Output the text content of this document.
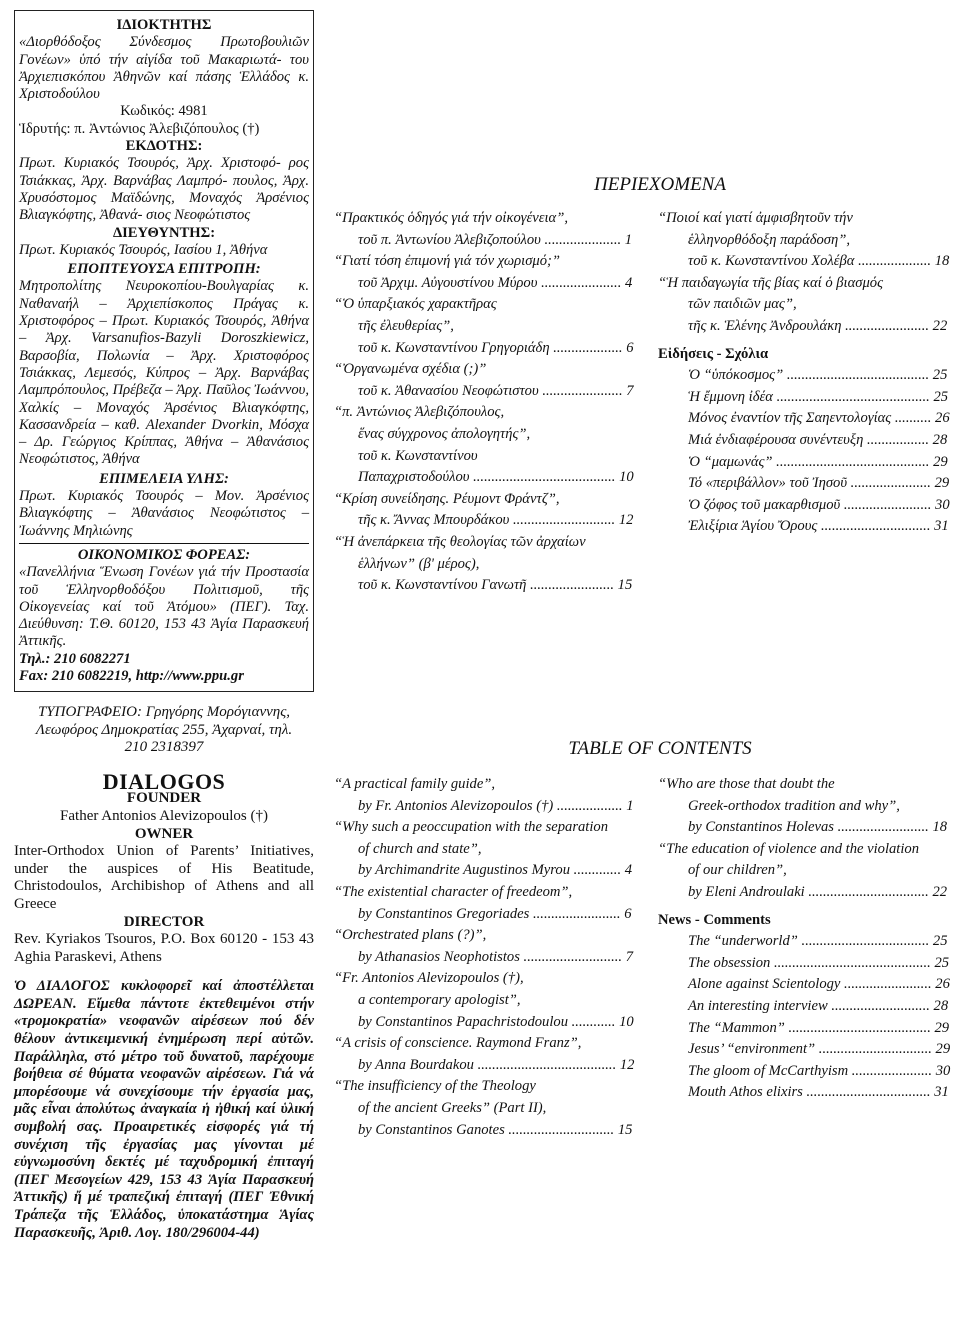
ΙΔΙΟΚΤΗΤΗΣ

«Διορθόδοξος Σύνδεσμος Πρωτοβουλιῶν Γονέων» ὑπό τήν αἰγίδα τοῦ Μακαριωτά- του Ἀρχιεπισκόπου Ἀθηνῶν καί πάσης Ἑλλάδος κ. Χριστοδούλου

Κωδικός: 4981

Ἱδρυτής: π. Ἀντώνιος Ἀλεβιζόπουλος (†)

ΕΚΔΟΤΗΣ:

Πρωτ. Κυριακός Τσουρός, Ἀρχ. Χριστοφό- ρος Τσιάκκας, Ἀρχ. Βαρνάβας Λαμπρό- πουλος, Ἀρχ. Χρυσόστομος Μαϊδώνης, Μοναχός Ἀρσένιος Βλιαγκόφτης, Ἀθανά- σιος Νεοφώτιστος

ΔΙΕΥΘΥΝΤΗΣ:

Πρωτ. Κυριακός Τσουρός, Ιασίου 1, Ἀθήνα

ΕΠΟΠΤΕΥΟΥΣΑ ΕΠΙΤΡΟΠΗ:

Μητροπολίτης Νευροκοπίου-Βουλγαρίας κ. Ναθαναήλ – Ἀρχιεπίσκοπος Πράγας κ. Χριστοφόρος – Πρωτ. Κυριακός Τσουρός, Ἀθήνα – Ἀρχ. Varsanufios-Bazyli Doroszkiewicz, Βαρσοβία, Πολωνία – Ἀρχ. Χριστοφόρος Τσιάκκας, Λεμεσός, Κύπρος – Ἀρχ. Βαρνάβας Λαμπρόπουλος, Πρέβεζα – Ἀρχ. Παῦλος Ἰωάννου, Χαλκίς – Μοναχός Ἀρσένιος Βλιαγκόφτης, Κασσανδρεία – καθ. Alexander Dvorkin, Μόσχα – Δρ. Γεώργιος Κρίππας, Ἀθήνα – Ἀθανάσιος Νεοφώτιστος, Ἀθήνα

ΕΠΙΜΕΛΕΙΑ ΥΛΗΣ:

Πρωτ. Κυριακός Τσουρός – Μον. Ἀρσένιος Βλιαγκόφτης – Ἀθανάσιος Νεοφώτιστος – Ἰωάννης Μηλιώνης

ΟΙΚΟΝΟΜΙΚΟΣ ΦΟΡΕΑΣ:

«Πανελλήνια Ἕνωση Γονέων γιά τήν Προστασία τοῦ Ἑλληνορθοδόξου Πολιτισμοῦ, τῆς Οἰκογενείας καί τοῦ Ἀτόμου» (ΠΕΓ). Ταχ. Διεύθυνση: Τ.Θ. 60120, 153 43 Ἁγία Παρασκευή Ἀττικῆς.

Τηλ.: 210 6082271

Fax: 210 6082219, http://www.ppu.gr

ΤΥΠΟΓΡΑΦΕΙΟ: Γρηγόρης Μορόγιαννης, Λεωφόρος Δημοκρατίας 255, Ἀχαρναί, τηλ. 210 2318397

DIALOGOS

FOUNDER

Father Antonios Alevizopoulos (†)

OWNER

Inter-Orthodox Union of Parents’ Initiatives, under the auspices of His Beatitude, Christodoulos, Archibishop of Athens and all Greece

DIRECTOR

Rev. Kyriakos Tsouros, P.O. Box 60120 - 153 43 Aghia Paraskevi, Athens

Ὁ ΔΙΑΛΟΓΟΣ κυκλοφορεῖ καί ἀποστέλλεται ΔΩΡΕΑΝ. Εἴμεθα πάντοτε ἐκτεθειμένοι στήν «τρομοκρατία» νεοφανῶν αἱρέσεων πού δέν θέλουν ἀντικειμενική ἐνημέρωση περί αὐτῶν. Παράλληλα, στό μέτρο τοῦ δυνατοῦ, παρέχουμε βοήθεια σέ θύματα νεοφανῶν αἱρέσεων. Γιά νά μπορέσουμε νά συνεχίσουμε τήν ἐργασία μας, μᾶς εἶναι ἀπολύτως ἀναγκαία ἡ ἠθική καί ὑλική συμβολή σας. Προαιρετικές εἰσφορές γιά τή συνέχιση τῆς ἐργασίας μας γίνονται μέ εὐγνωμοσύνη δεκτές μέ ταχυδρομική ἐπιταγή (ΠΕΓ Μεσογείων 429, 153 43 Ἁγία Παρασκευή Ἀττικῆς) ἤ μέ τραπεζική ἐπιταγή (ΠΕΓ Ἐθνική Τράπεζα τῆς Ἑλλάδος, ὑποκατάστημα Ἁγίας Παρασκευῆς, Ἀριθ. Λογ. 180/296004-44)

ΠΕΡΙΕΧΟΜΕΝΑ
“Πρακτικός ὁδηγός γιά τήν οἰκογένεια”,
τοῦ π. Ἀντωνίου Ἀλεβιζοπούλου ..................... 1
“Γιατί τόση ἐπιμονή γιά τόν χωρισμό;”
τοῦ Ἀρχιμ. Αὐγουστίνου Μύρου ...................... 4
“Ὁ ὑπαρξιακός χαρακτῆρας
τῆς ἐλευθερίας”,
τοῦ κ. Κωνσταντίνου Γρηγοριάδη ................... 6
“Ὀργανωμένα σχέδια (;)”
τοῦ κ. Ἀθανασίου Νεοφώτιστου ...................... 7
“π. Ἀντώνιος Ἀλεβιζόπουλος,
ἕνας σύγχρονος ἀπολογητής”,
τοῦ κ. Κωνσταντίνου
Παπαχριστοδούλου ....................................... 10
“Κρίση συνείδησης. Ρέυμοντ Φράντζ”,
τῆς κ. Ἄννας Μπουρδάκου ............................ 12
“Ἡ ἀνεπάρκεια τῆς θεολογίας τῶν ἀρχαίων
ἑλλήνων” (β' μέρος),
τοῦ κ. Κωνσταντίνου Γανωτῆ ....................... 15
“Ποιοί καί γιατί ἀμφισβητοῦν τήν
ἑλληνορθόδοξη παράδοση”,
τοῦ κ. Κωνσταντίνου Χολέβα .................... 18
“Ἡ παιδαγωγία τῆς βίας καί ὁ βιασμός
τῶν παιδιῶν μας”,
τῆς κ. Ἑλένης Ἀνδρουλάκη ....................... 22
Εἰδήσεις - Σχόλια
Ὁ “ὑπόκοσμος” ....................................... 25
Ἡ ἔμμονη ἰδέα .......................................... 25
Μόνος ἐναντίον τῆς Σαηεντολογίας .......... 26
Μιά ἐνδιαφέρουσα συνέντευξη ................. 28
Ὁ “μαμωνάς” .......................................... 29
Τό «περιβάλλον» τοῦ Ἰησοῦ ...................... 29
Ὁ ζόφος τοῦ μακαρθισμοῦ ........................ 30
Ἐλιξίρια Ἁγίου Ὄρους .............................. 31
TABLE OF CONTENTS
“A practical family guide”,
by Fr. Antonios Alevizopoulos (†) .................. 1
“Why such a peoccupation with the separation
of church and state”,
by Archimandrite Augustinos Myrou ............. 4
“The existential character of freedeom”,
by Constantinos Gregoriades ........................ 6
“Orchestrated plans (?)”,
by Athanasios Neophotistos ........................... 7
“Fr. Antonios Alevizopoulos (†),
a contemporary apologist”,
by Constantinos Papachristodoulou ............ 10
“A crisis of conscience. Raymond Franz”,
by Anna Bourdakou ...................................... 12
“The insufficiency of the Theology
of the ancient Greeks” (Part II),
by Constantinos Ganotes ............................. 15
“Who are those that doubt the
Greek-orthodox tradition and why”,
by Constantinos Holevas ......................... 18
“The education of violence and the violation
of our children”,
by Eleni Androulaki ................................. 22
News - Comments
The “underworld” ................................... 25
The obsession ........................................... 25
Alone against Scientology ........................ 26
An interesting interview ........................... 28
The “Mammon” ....................................... 29
Jesus’ “environment” ............................... 29
The gloom of McCarthyism ...................... 30
Mouth Athos elixirs .................................. 31
